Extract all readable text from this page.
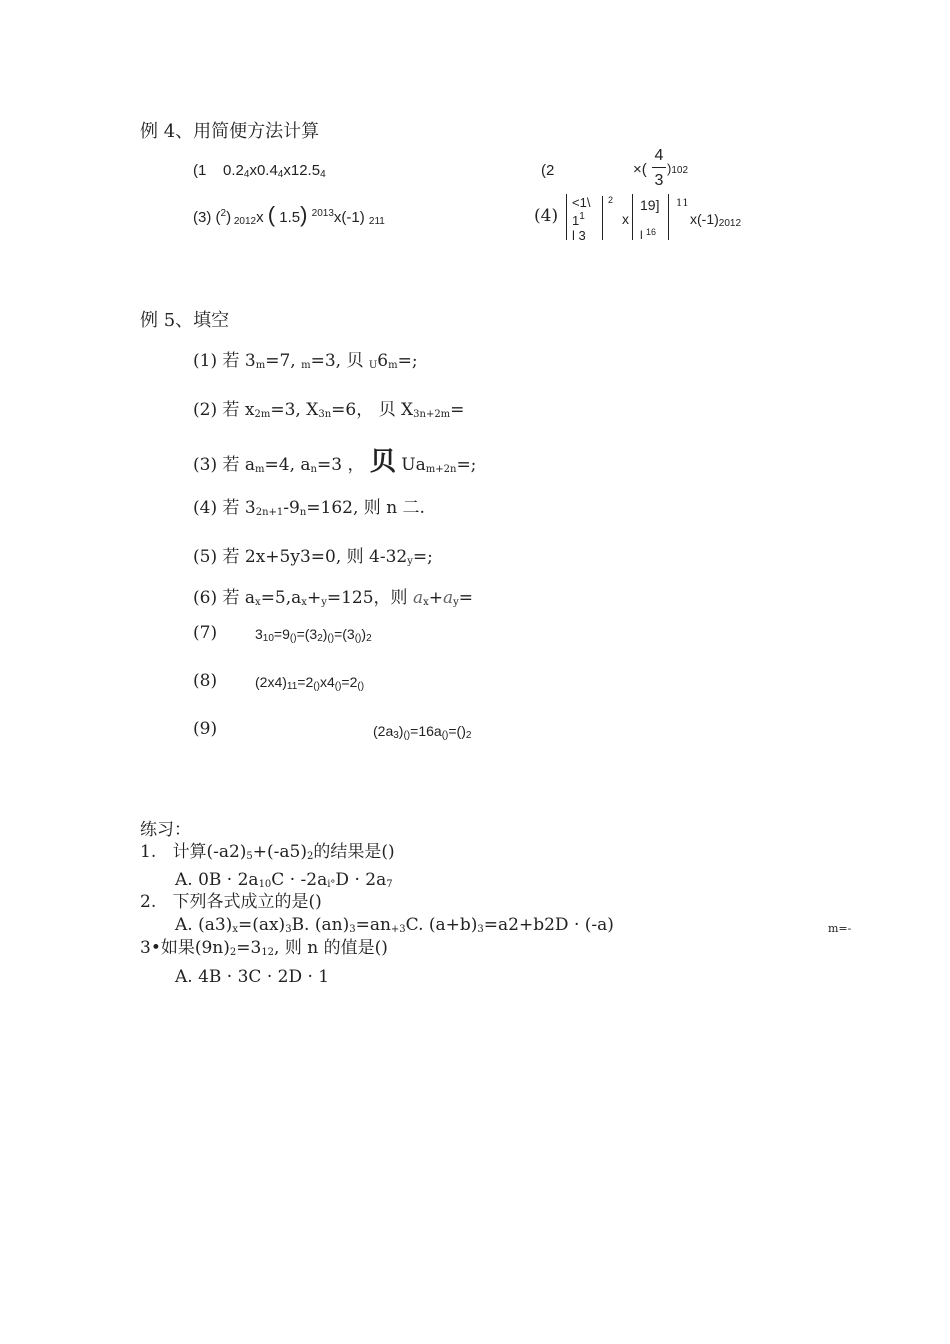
例 4、用简便方法计算
(1 $0.2_4x0.4_4x12.5_4$	(2	×(
4
3
)102
(3) ($^2$) $_{2012}$x ( 1.5) $^{2013}$x(-1) $_{211}$	(4)
<1\
$1^1$
l 3
2
x
19]
l $^{16}$
11
$x(-1)_{2012}$
例 5、填空
(1) 若 $3_m=7$, $_m$=3, 贝 $_U6_m=$;
(2) 若 $x_{2m}=3$, $X_{3n}=6$， 贝 $X_{3n+2m}=$
(3) 若 $a_m=4$, $a_n=3$ ， 贝 $Ua_{m+2n}=$;
(4) 若 $3_{2n+1}-9_n=162$, 则 n 二.
(5) 若 2x+5y3=0, 则 $4-32_y=$;
(6) 若 $a_x=5,a_x+_y=125$，则 $a_x+a_y=$
(7)	$3_{10}=9_{()}=(3_2)_{()}=(3_{()})_2$
(8)	$(2x4)_{11}=2_{()}x4_{()}=2_{()}$
(9)	$(2a_3)_{()}=16a_{()}=()_2$
练习：
1. 计算$(-a2)_5+(-a5)_2$的结果是()
A. $0B \cdot 2a_{10}C \cdot -2a_{i^\circ}D \cdot 2a_7$
2. 下列各式成立的是()
A. $(a3)_x=(ax)_3B$. $(an)_3=an_{+3}C$. $(a+b)_3=a2+b2D \cdot (-a)$	m=-
3•如果$(9n)_2=3_{12}$, 则 n 的值是()
A. 4B · 3C · 2D · 1
